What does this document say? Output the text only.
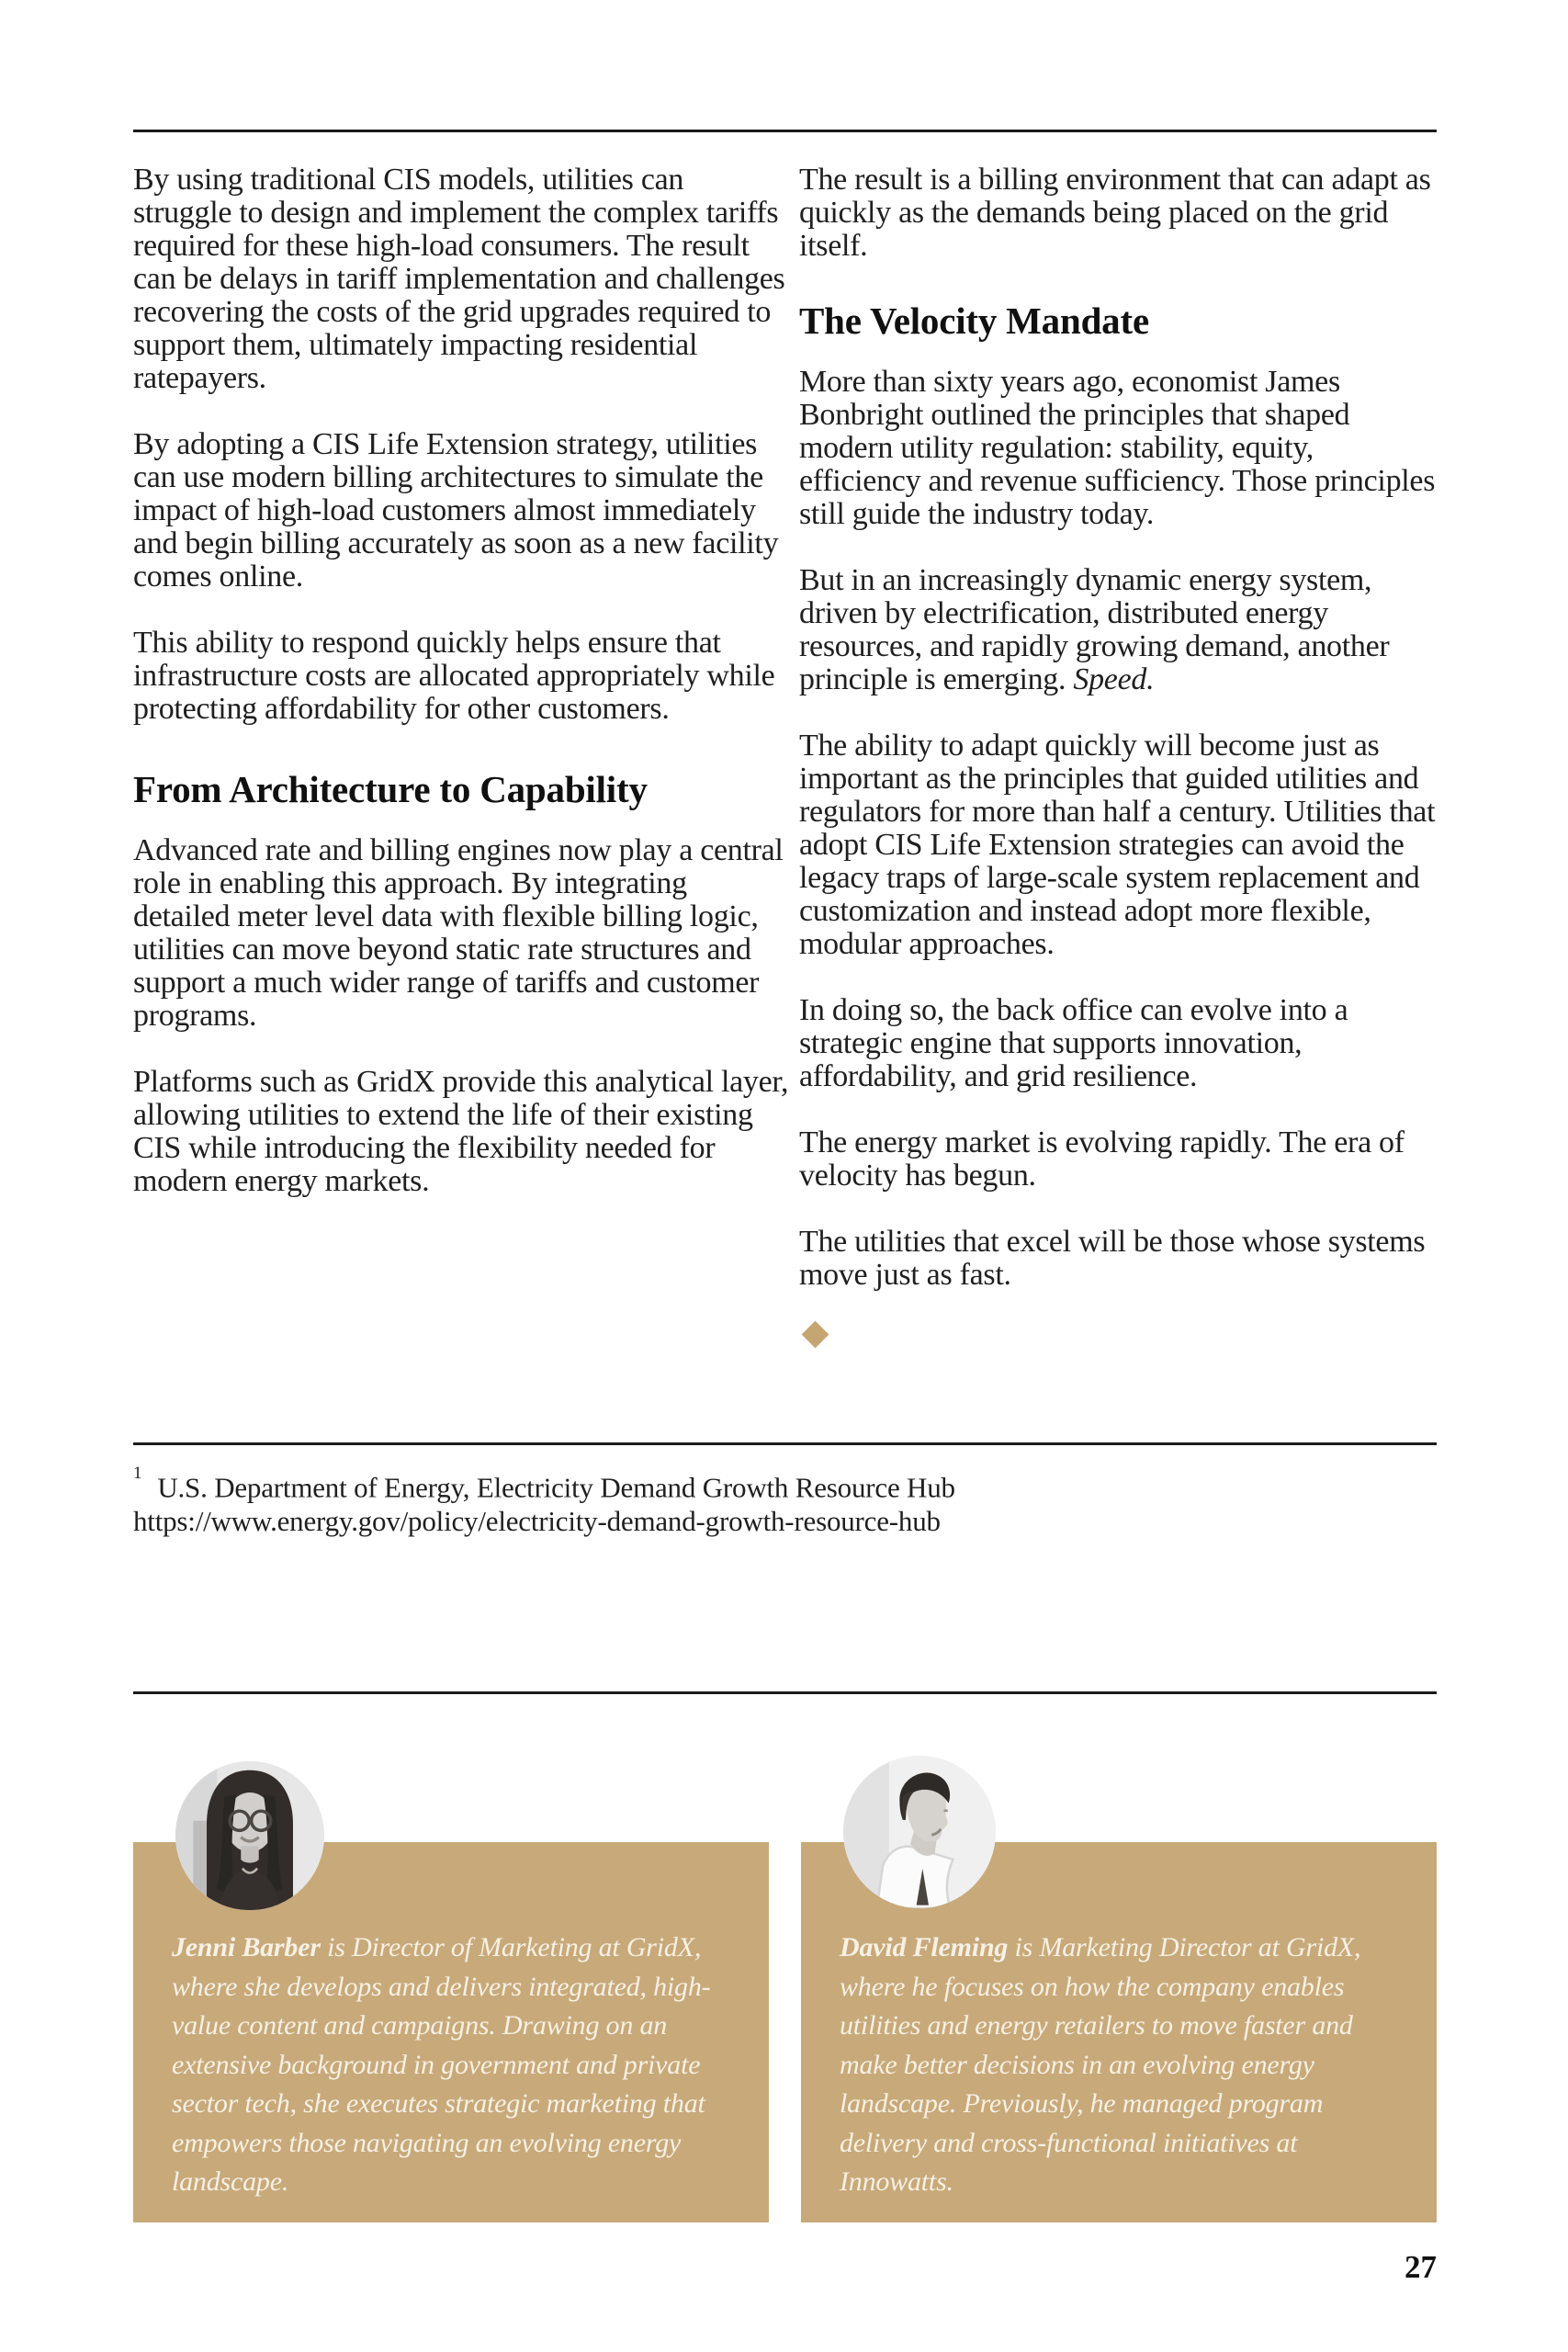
By using traditional CIS models, utilities can struggle to design and implement the complex tariffs required for these high-load consumers. The result can be delays in tariff implementation and challenges recovering the costs of the grid upgrades required to support them, ultimately impacting residential ratepayers.

By adopting a CIS Life Extension strategy, utilities can use modern billing architectures to simulate the impact of high-load customers almost immediately and begin billing accurately as soon as a new facility comes online.

This ability to respond quickly helps ensure that infrastructure costs are allocated appropriately while protecting affordability for other customers.

From Architecture to Capability

Advanced rate and billing engines now play a central role in enabling this approach. By integrating detailed meter level data with flexible billing logic, utilities can move beyond static rate structures and support a much wider range of tariffs and customer programs.

Platforms such as GridX provide this analytical layer, allowing utilities to extend the life of their existing CIS while introducing the flexibility needed for modern energy markets.

The result is a billing environment that can adapt as quickly as the demands being placed on the grid itself.

The Velocity Mandate

More than sixty years ago, economist James Bonbright outlined the principles that shaped modern utility regulation: stability, equity, efficiency and revenue sufficiency. Those principles still guide the industry today.

But in an increasingly dynamic energy system, driven by electrification, distributed energy resources, and rapidly growing demand, another principle is emerging. Speed.

The ability to adapt quickly will become just as important as the principles that guided utilities and regulators for more than half a century. Utilities that adopt CIS Life Extension strategies can avoid the legacy traps of large-scale system replacement and customization and instead adopt more flexible, modular approaches.

In doing so, the back office can evolve into a strategic engine that supports innovation, affordability, and grid resilience.

The energy market is evolving rapidly. The era of velocity has begun.

The utilities that excel will be those whose systems move just as fast.

$^1$ U.S. Department of Energy, Electricity Demand Growth Resource Hub
https://www.energy.gov/policy/electricity-demand-growth-resource-hub
Jenni Barber is Director of Marketing at GridX, where she develops and delivers integrated, high-value content and campaigns. Drawing on an extensive background in government and private sector tech, she executes strategic marketing that empowers those navigating an evolving energy landscape.
David Fleming is Marketing Director at GridX, where he focuses on how the company enables utilities and energy retailers to move faster and make better decisions in an evolving energy landscape. Previously, he managed program delivery and cross-functional initiatives at Innowatts.
27
